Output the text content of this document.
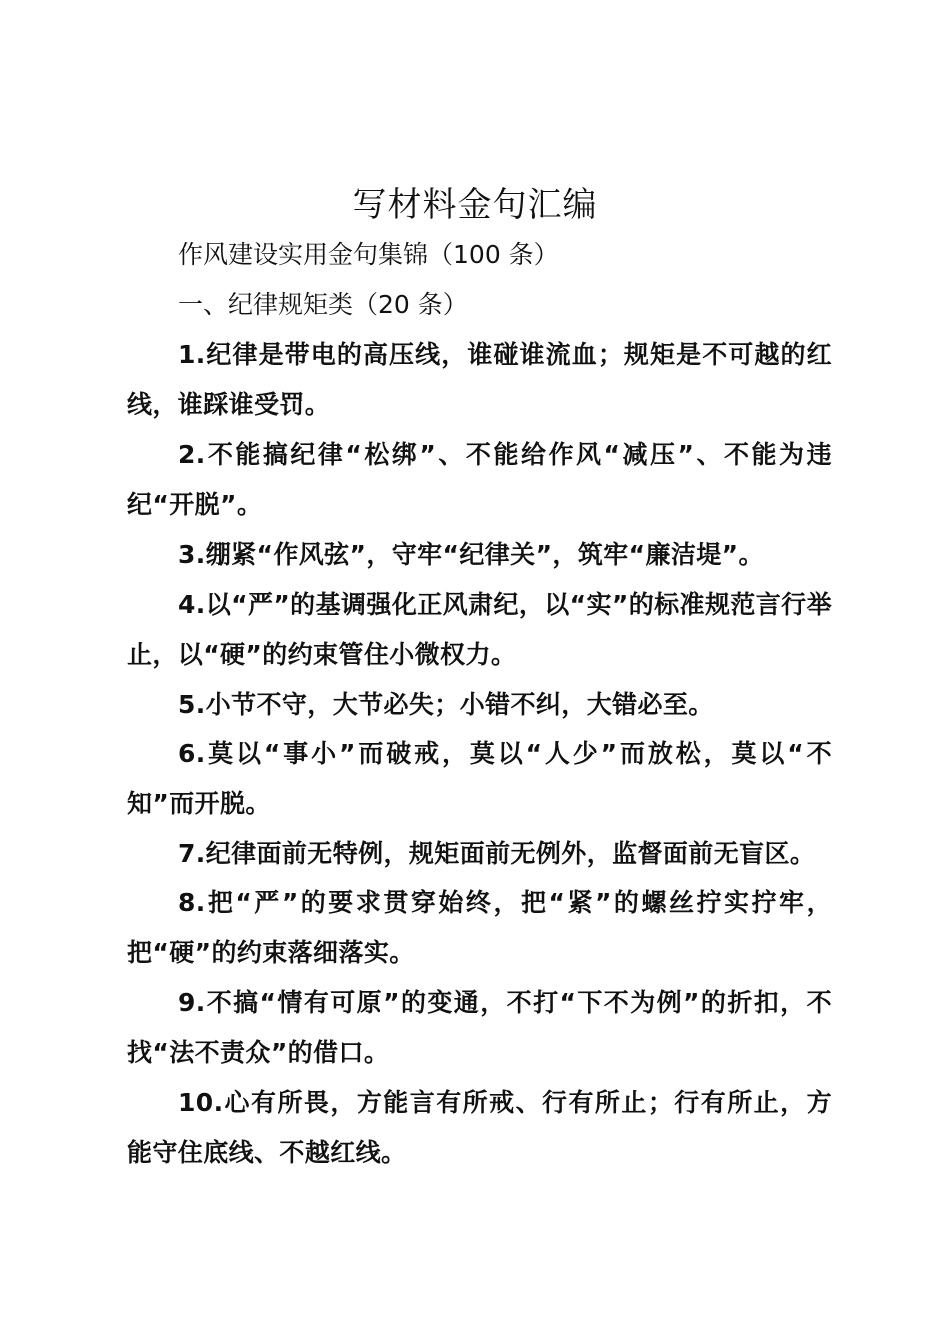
写材料金句汇编

作风建设实用金句集锦（100 条）

一、纪律规矩类（20 条）

1.纪律是带电的高压线，谁碰谁流血；规矩是不可越的红线，谁踩谁受罚。

2.不能搞纪律“松绑”、不能给作风“减压”、不能为违纪“开脱”。

3.绷紧“作风弦”，守牢“纪律关”，筑牢“廉洁堤”。

4.以“严”的基调强化正风肃纪，以“实”的标准规范言行举止，以“硬”的约束管住小微权力。

5.小节不守，大节必失；小错不纠，大错必至。

6.莫以“事小”而破戒，莫以“人少”而放松，莫以“不知”而开脱。

7.纪律面前无特例，规矩面前无例外，监督面前无盲区。

8.把“严”的要求贯穿始终，把“紧”的螺丝拧实拧牢，把“硬”的约束落细落实。

9.不搞“情有可原”的变通，不打“下不为例”的折扣，不找“法不责众”的借口。

10.心有所畏，方能言有所戒、行有所止；行有所止，方能守住底线、不越红线。
